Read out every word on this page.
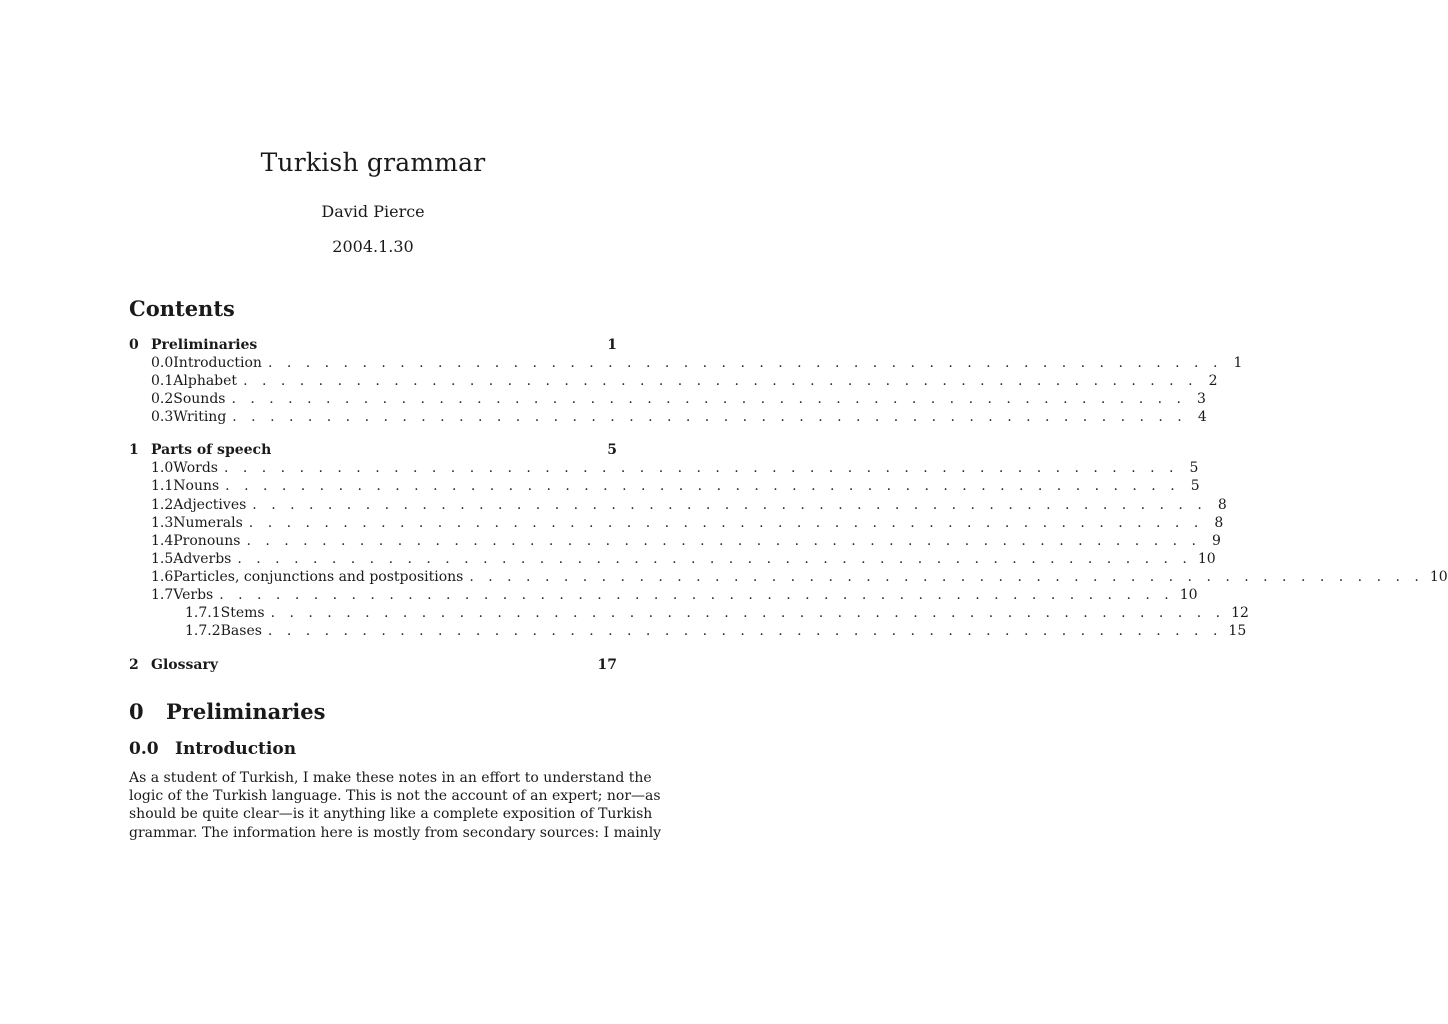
Turkish grammar
David Pierce
2004.1.30
Contents
0 Preliminaries	1
0.0 Introduction . . . . . . . . . . . . . . . . . . . . . . . . . . . . . . . . . . . . . . . . . . . . . . . . . . . 1
0.1 Alphabet . . . . . . . . . . . . . . . . . . . . . . . . . . . . . . . . . . . . . . . . . . . . . . . . . . . 2
0.2 Sounds . . . . . . . . . . . . . . . . . . . . . . . . . . . . . . . . . . . . . . . . . . . . . . . . . . . 3
0.3 Writing . . . . . . . . . . . . . . . . . . . . . . . . . . . . . . . . . . . . . . . . . . . . . . . . . . . 4
1 Parts of speech	5
1.0 Words . . . . . . . . . . . . . . . . . . . . . . . . . . . . . . . . . . . . . . . . . . . . . . . . . . . 5
1.1 Nouns . . . . . . . . . . . . . . . . . . . . . . . . . . . . . . . . . . . . . . . . . . . . . . . . . . . 5
1.2 Adjectives . . . . . . . . . . . . . . . . . . . . . . . . . . . . . . . . . . . . . . . . . . . . . . . . . . . 8
1.3 Numerals . . . . . . . . . . . . . . . . . . . . . . . . . . . . . . . . . . . . . . . . . . . . . . . . . . . 8
1.4 Pronouns . . . . . . . . . . . . . . . . . . . . . . . . . . . . . . . . . . . . . . . . . . . . . . . . . . . 9
1.5 Adverbs . . . . . . . . . . . . . . . . . . . . . . . . . . . . . . . . . . . . . . . . . . . . . . . . . . . 10
1.6 Particles, conjunctions and postpositions . . . . . . . . . . . . . . . . . . . . . . . . . . . . . . . . . . . . . . . . . . . . . . . . . . . 10
1.7 Verbs . . . . . . . . . . . . . . . . . . . . . . . . . . . . . . . . . . . . . . . . . . . . . . . . . . . 10
1.7.1 Stems . . . . . . . . . . . . . . . . . . . . . . . . . . . . . . . . . . . . . . . . . . . . . . . . . . . 12
1.7.2 Bases . . . . . . . . . . . . . . . . . . . . . . . . . . . . . . . . . . . . . . . . . . . . . . . . . . . 15
2 Glossary	17
0 Preliminaries
0.0 Introduction
As a student of Turkish, I make these notes in an effort to understand the
logic of the Turkish language. This is not the account of an expert; nor—as
should be quite clear—is it anything like a complete exposition of Turkish
grammar. The information here is mostly from secondary sources: I mainly
